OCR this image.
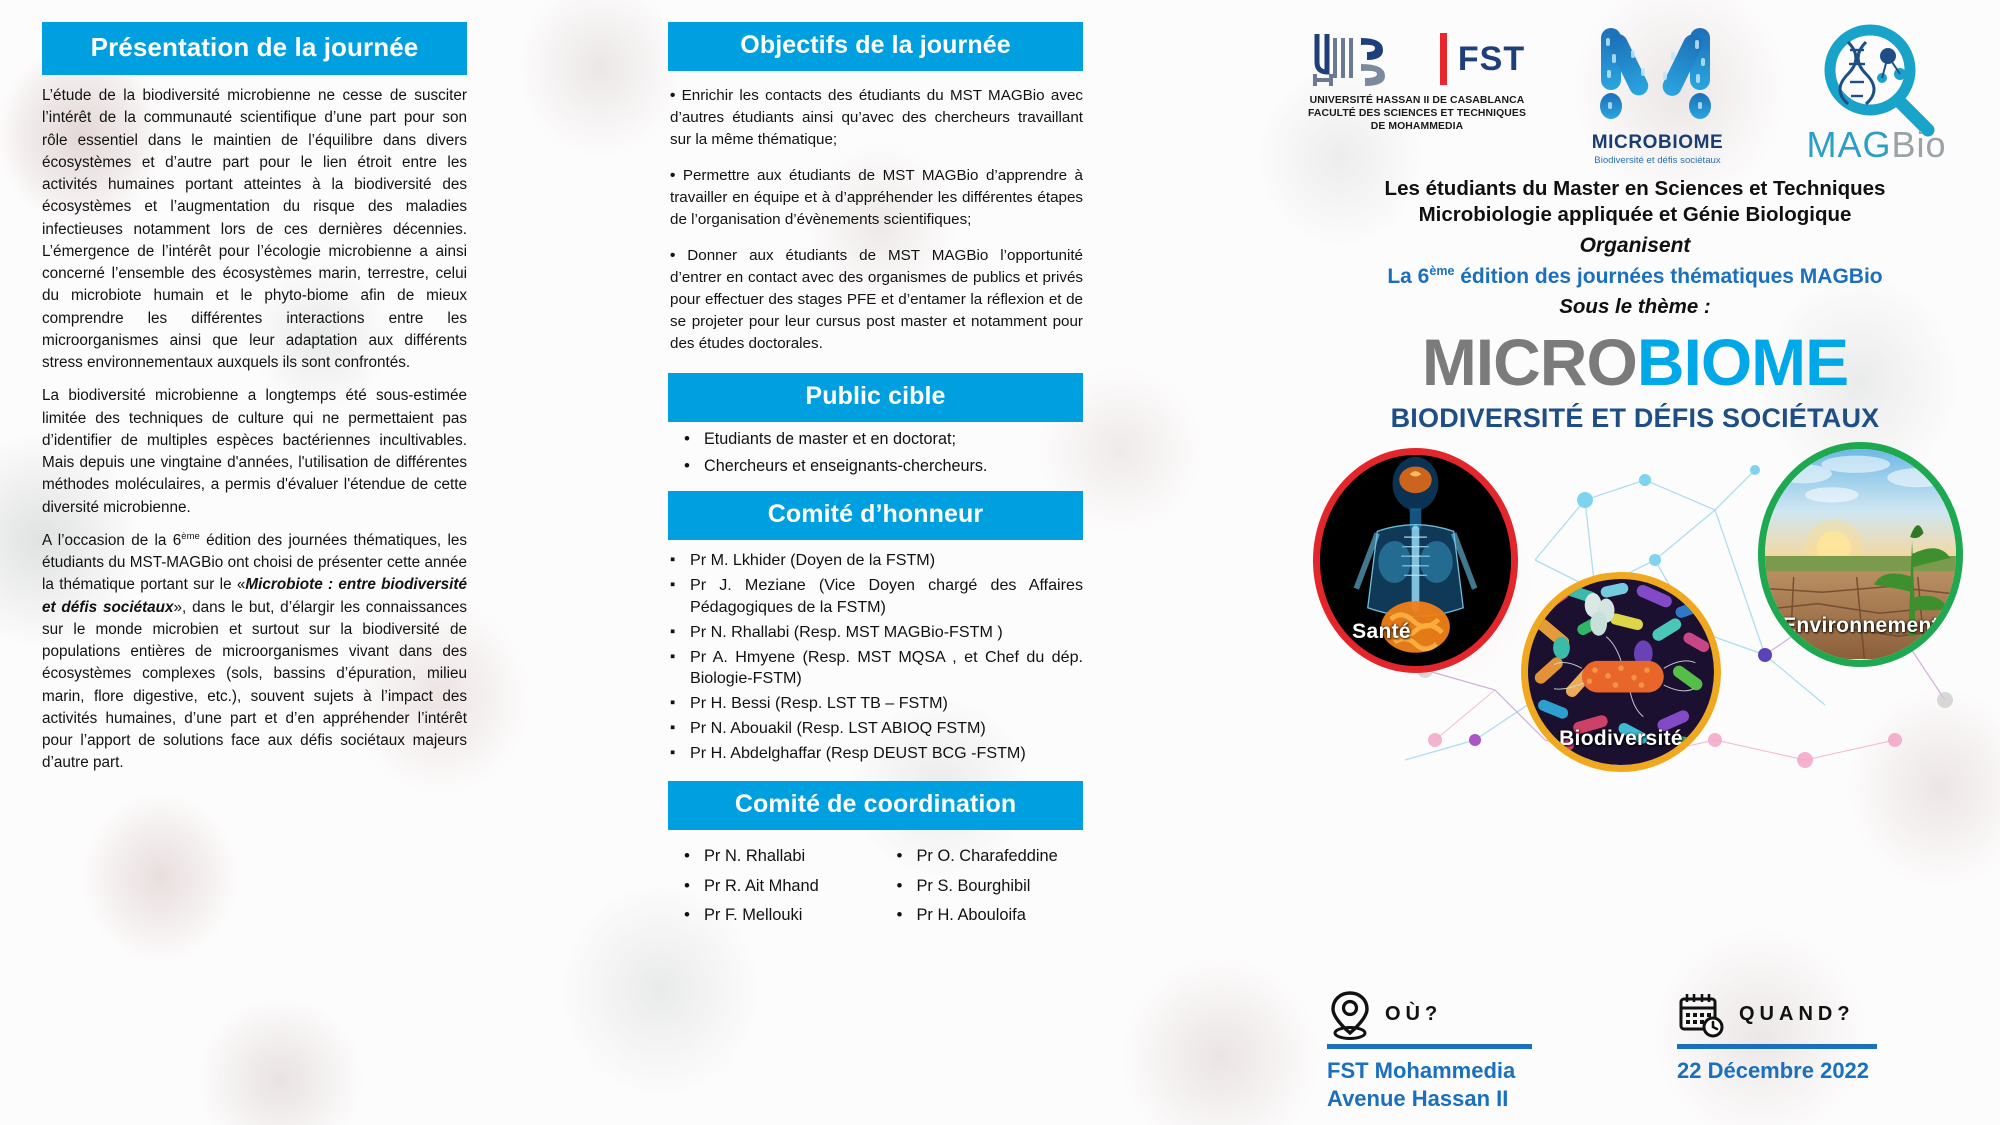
Présentation de la journée

L’étude de la biodiversité microbienne ne cesse de susciter l’intérêt de la communauté scientifique d’une part pour son rôle essentiel dans le maintien de l’équilibre dans divers écosystèmes et d’autre part pour le lien étroit entre les activités humaines portant atteintes à la biodiversité des écosystèmes et l’augmentation du risque des maladies infectieuses notamment lors de ces dernières décennies. L’émergence de l’intérêt pour l’écologie microbienne a ainsi concerné l’ensemble des écosystèmes marin, terrestre, celui du microbiote humain et le phyto-biome afin de mieux comprendre les différentes interactions entre les microorganismes ainsi que leur adaptation aux différents stress environnementaux auxquels ils sont confrontés.

La biodiversité microbienne a longtemps été sous-estimée limitée des techniques de culture qui ne permettaient pas d’identifier de multiples espèces bactériennes incultivables. Mais depuis une vingtaine d'années, l'utilisation de différentes méthodes moléculaires, a permis d'évaluer l'étendue de cette diversité microbienne.

A l’occasion de la 6ème édition des journées thématiques, les étudiants du MST-MAGBio ont choisi de présenter cette année la thématique portant sur le «Microbiote : entre biodiversité et défis sociétaux», dans le but, d’élargir les connaissances sur le monde microbien et surtout sur la biodiversité de populations entières de microorganismes vivant dans des écosystèmes complexes (sols, bassins d’épuration, milieu marin, flore digestive, etc.), souvent sujets à l’impact des activités humaines, d’une part et d’en appréhender l’intérêt pour l’apport de solutions face aux défis sociétaux majeurs d’autre part.

Objectifs de la journée

• Enrichir les contacts des étudiants du MST MAGBio avec d’autres étudiants ainsi qu’avec des chercheurs travaillant sur la même thématique;

• Permettre aux étudiants de MST MAGBio d’apprendre à travailler en équipe et à d’appréhender les différentes étapes de l’organisation d’évènements scientifiques;

• Donner aux étudiants de MST MAGBio l’opportunité d’entrer en contact avec des organismes de publics et privés pour effectuer des stages PFE et d’entamer la réflexion et de se projeter pour leur cursus post master et notamment pour des études doctorales.

Public cible
• Etudiants de master et en doctorat;
• Chercheurs et enseignants-chercheurs.
Comité d’honneur
▪ Pr M. Lkhider (Doyen de la FSTM)
▪ Pr J. Meziane (Vice Doyen chargé des Affaires Pédagogiques de la FSTM)
▪ Pr N. Rhallabi (Resp. MST MAGBio-FSTM )
▪ Pr A. Hmyene (Resp. MST MQSA , et Chef du dép. Biologie-FSTM)
▪ Pr H. Bessi (Resp. LST TB – FSTM)
▪ Pr N. Abouakil (Resp. LST ABIOQ FSTM)
▪ Pr H. Abdelghaffar (Resp DEUST BCG -FSTM)
Comité de coordination
• Pr N. Rhallabi
• Pr R. Ait Mhand
• Pr F. Mellouki
• Pr O. Charafeddine
• Pr S. Bourghibil
• Pr H. Abouloifa
FST
UNIVERSITÉ HASSAN II DE CASABLANCA
FACULTÉ DES SCIENCES ET TECHNIQUES
DE MOHAMMEDIA
MICROBIOME
Biodiversité et défis sociétaux	MAGBio
Les étudiants du Master en Sciences et Techniques
Microbiologie appliquée et Génie Biologique
Organisent
La 6ème édition des journées thématiques MAGBio
Sous le thème :
MICROBIOME
BIODIVERSITÉ ET DÉFIS SOCIÉTAUX
Santé	Environnement
Biodiversité
OÙ?
FST Mohammedia
Avenue Hassan II
QUAND?
22 Décembre 2022
